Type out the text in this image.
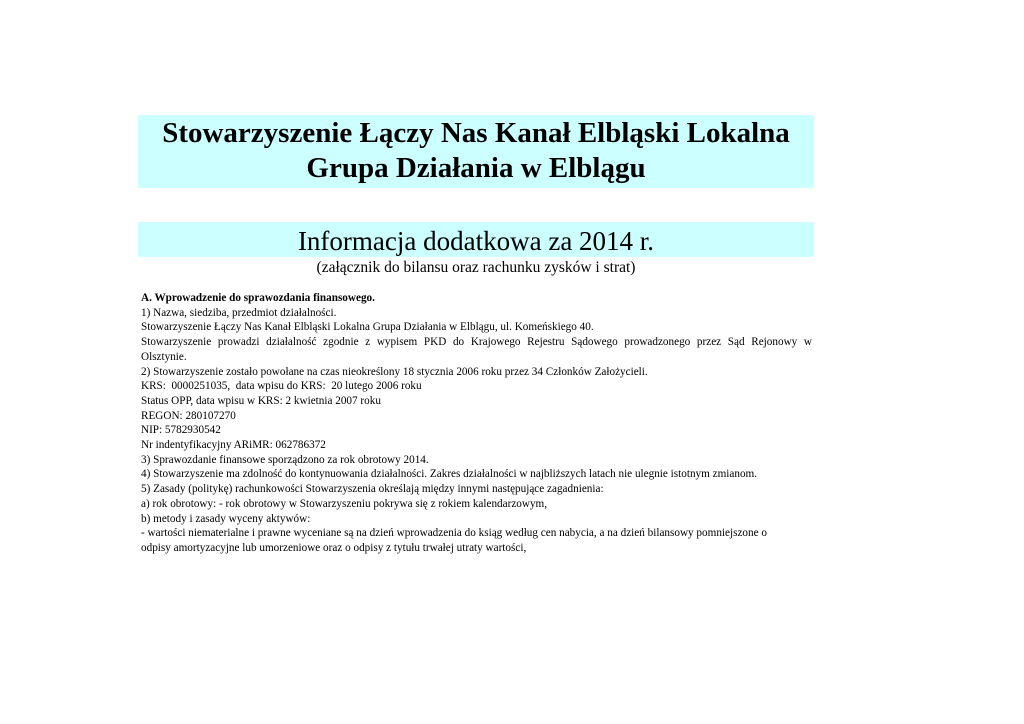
Stowarzyszenie Łączy Nas Kanał Elbląski Lokalna
Grupa Działania w Elblągu
Informacja dodatkowa za 2014 r.
(załącznik do bilansu oraz rachunku zysków i strat)
A. Wprowadzenie do sprawozdania finansowego.
1) Nazwa, siedziba, przedmiot działalności.
Stowarzyszenie Łączy Nas Kanał Elbląski Lokalna Grupa Działania w Elblągu, ul. Komeńskiego 40.
Stowarzyszenie prowadzi działalność zgodnie z wypisem PKD do Krajowego Rejestru Sądowego prowadzonego przez Sąd Rejonowy w
Olsztynie.
2) Stowarzyszenie zostało powołane na czas nieokreślony 18 stycznia 2006 roku przez 34 Członków Założycieli.
KRS:  0000251035,  data wpisu do KRS:  20 lutego 2006 roku
Status OPP, data wpisu w KRS: 2 kwietnia 2007 roku
REGON: 280107270
NIP: 5782930542
Nr indentyfikacyjny ARiMR: 062786372
3) Sprawozdanie finansowe sporządzono za rok obrotowy 2014.
4) Stowarzyszenie ma zdolność do kontynuowania działalności. Zakres działalności w najbliższych latach nie ulegnie istotnym zmianom.
5) Zasady (politykę) rachunkowości Stowarzyszenia określają między innymi następujące zagadnienia:
a) rok obrotowy: - rok obrotowy w Stowarzyszeniu pokrywa się z rokiem kalendarzowym,
b) metody i zasady wyceny aktywów:
- wartości niematerialne i prawne wyceniane są na dzień wprowadzenia do ksiąg według cen nabycia, a na dzień bilansowy pomniejszone o
odpisy amortyzacyjne lub umorzeniowe oraz o odpisy z tytułu trwałej utraty wartości,
